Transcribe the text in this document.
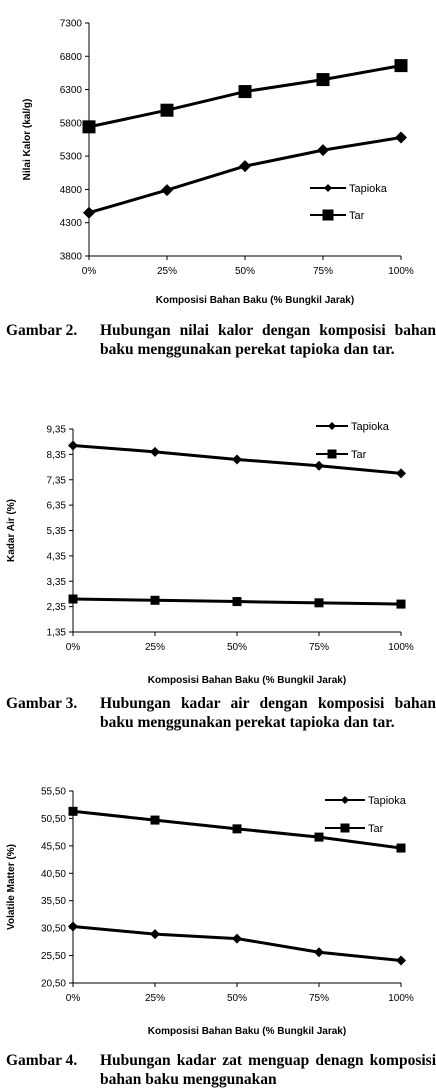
3800
4300
4800
5300
5800
6300
6800
7300
0%	25%	50%	75%	100%
Komposisi Bahan Baku (% Bungkil Jarak)
Nilai Kalor (kal/g)
Tapioka
Tar
Gambar 2. Hubungan nilai kalor dengan komposisi bahan baku menggunakan perekat tapioka dan tar.
1,35
2,35
3,35
4,35
5,35
6,35
7,35
8,35
9,35
0%	25%	50%	75%	100%
Komposisi Bahan Baku (% Bungkil Jarak)
Kadar Air (%)
Tapioka
Tar
Gambar 3. Hubungan kadar air dengan komposisi bahan baku menggunakan perekat tapioka dan tar.
20,50
25,50
30,50
35,50
40,50
45,50
50,50
55,50
0%	25%	50%	75%	100%
Komposisi Bahan Baku (% Bungkil Jarak)
Volatile Matter (%)
Tapioka
Tar
Gambar 4. Hubungan kadar zat menguap denagn komposisi bahan baku menggunakan
